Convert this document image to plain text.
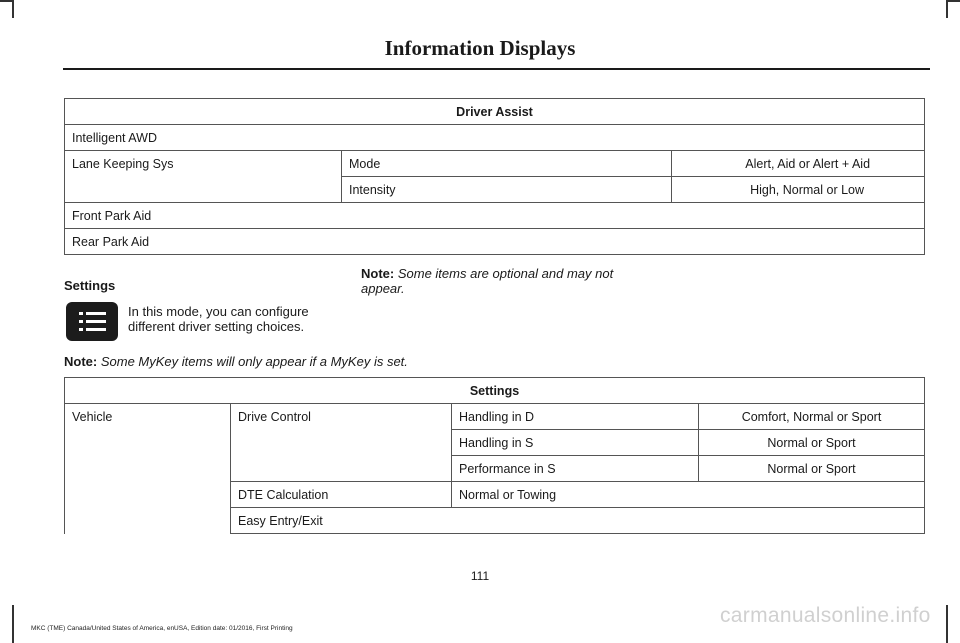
Information Displays
Driver Assist		
Intelligent AWD		
Lane Keeping Sys	Mode	Alert, Aid or Alert + Aid
	Intensity	High, Normal or Low
Front Park Aid		
Rear Park Aid		
Settings
In this mode, you can configure different driver setting choices.
Note: Some items are optional and may not appear.
Note: Some MyKey items will only appear if a MyKey is set.
Settings			
Vehicle	Drive Control	Handling in D	Comfort, Normal or Sport
		Handling in S	Normal or Sport
		Performance in S	Normal or Sport
	DTE Calculation	Normal or Towing	
	Easy Entry/Exit		
111
MKC (TME) Canada/United States of America, enUSA, Edition date: 01/2016, First Printing
carmanualsonline.info
